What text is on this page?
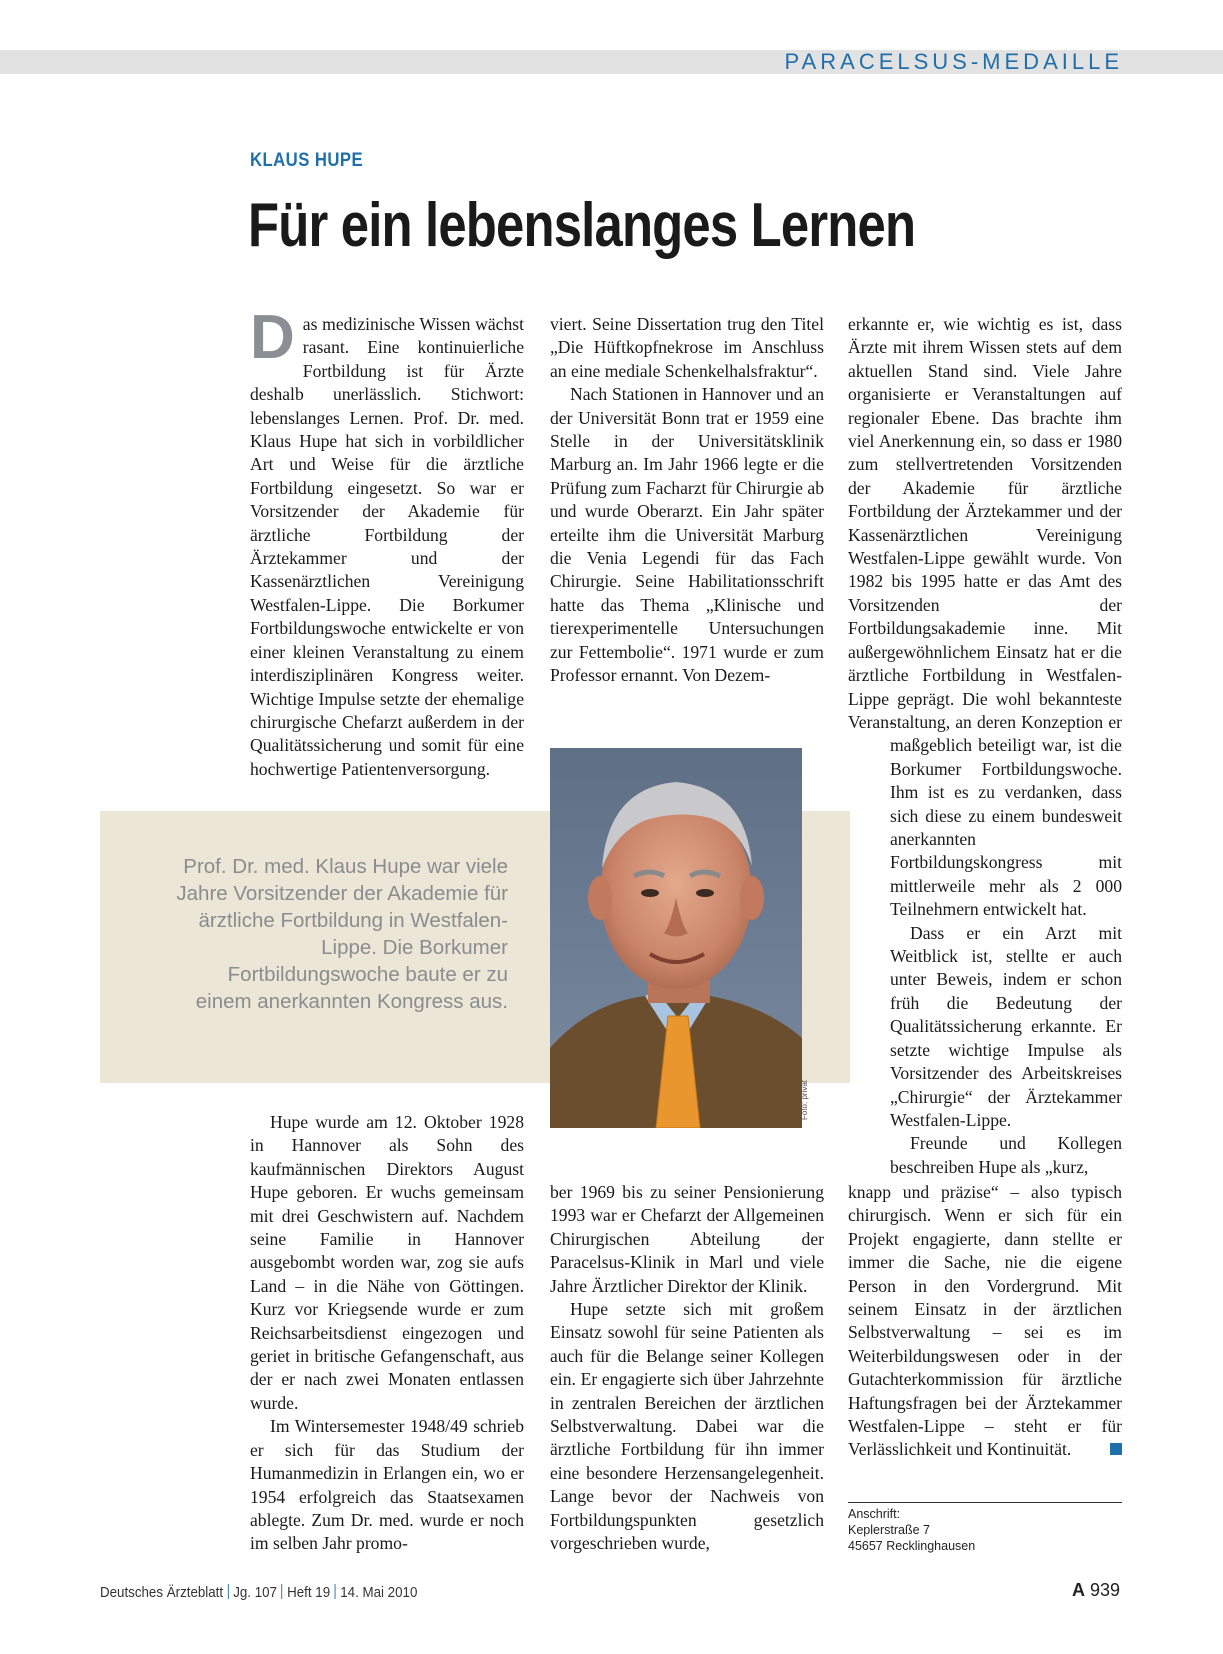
PARACELSUS-MEDAILLE
KLAUS HUPE
Für ein lebenslanges Lernen

D as medizinische Wissen wächst rasant. Eine kontinuierliche Fortbildung ist für Ärzte deshalb unerlässlich. Stichwort: lebenslanges Lernen. Prof. Dr. med. Klaus Hupe hat sich in vorbildlicher Art und Weise für die ärztliche Fortbildung eingesetzt. So war er Vorsitzender der Akademie für ärztliche Fortbildung der Ärztekammer und der Kassenärztlichen Vereinigung Westfalen-Lippe. Die Borkumer Fortbildungswoche entwickelte er von einer kleinen Veranstaltung zu einem interdisziplinären Kongress weiter. Wichtige Impulse setzte der ehemalige chirurgische Chefarzt außerdem in der Qualitätssicherung und somit für eine hochwertige Patientenversorgung.

Hupe wurde am 12. Oktober 1928 in Hannover als Sohn des kaufmännischen Direktors August Hupe geboren. Er wuchs gemeinsam mit drei Geschwistern auf. Nachdem seine Familie in Hannover ausgebombt worden war, zog sie aufs Land – in die Nähe von Göttingen. Kurz vor Kriegsende wurde er zum Reichsarbeitsdienst eingezogen und geriet in britische Gefangenschaft, aus der er nach zwei Monaten entlassen wurde.

Im Wintersemester 1948/49 schrieb er sich für das Studium der Humanmedizin in Erlangen ein, wo er 1954 erfolgreich das Staatsexamen ablegte. Zum Dr. med. wurde er noch im selben Jahr promo-

Prof. Dr. med. Klaus Hupe war viele Jahre Vorsitzender der Akademie für ärztliche Fortbildung in Westfalen-Lippe. Die Borkumer Fortbildungswoche baute er zu einem anerkannten Kongress aus.

Foto: privat

viert. Seine Dissertation trug den Titel „Die Hüftkopfnekrose im Anschluss an eine mediale Schenkelhalsfraktur“.

Nach Stationen in Hannover und an der Universität Bonn trat er 1959 eine Stelle in der Universitätsklinik Marburg an. Im Jahr 1966 legte er die Prüfung zum Facharzt für Chirurgie ab und wurde Oberarzt. Ein Jahr später erteilte ihm die Universität Marburg die Venia Legendi für das Fach Chirurgie. Seine Habilitationsschrift hatte das Thema „Klinische und tierexperimentelle Untersuchungen zur Fettembolie“. 1971 wurde er zum Professor ernannt. Von Dezem-

ber 1969 bis zu seiner Pensionierung 1993 war er Chefarzt der Allgemeinen Chirurgischen Abteilung der Paracelsus-Klinik in Marl und viele Jahre Ärztlicher Direktor der Klinik.

Hupe setzte sich mit großem Einsatz sowohl für seine Patienten als auch für die Belange seiner Kollegen ein. Er engagierte sich über Jahrzehnte in zentralen Bereichen der ärztlichen Selbstverwaltung. Dabei war die ärztliche Fortbildung für ihn immer eine besondere Herzensangelegenheit. Lange bevor der Nachweis von Fortbildungspunkten gesetzlich vorgeschrieben wurde,

erkannte er, wie wichtig es ist, dass Ärzte mit ihrem Wissen stets auf dem aktuellen Stand sind. Viele Jahre organisierte er Veranstaltungen auf regionaler Ebene. Das brachte ihm viel Anerkennung ein, so dass er 1980 zum stellvertretenden Vorsitzenden der Akademie für ärztliche Fortbildung der Ärztekammer und der Kassenärztlichen Vereinigung Westfalen-Lippe gewählt wurde. Von 1982 bis 1995 hatte er das Amt des Vorsitzenden der Fortbildungsakademie inne. Mit außergewöhnlichem Einsatz hat er die ärztliche Fortbildung in Westfalen-Lippe geprägt. Die wohl bekannteste Veran-

staltung, an deren Konzeption er maßgeblich beteiligt war, ist die Borkumer Fortbildungswoche. Ihm ist es zu verdanken, dass sich diese zu einem bundesweit anerkannten Fortbildungskongress mit mittlerweile mehr als 2 000 Teilnehmern entwickelt hat.

Dass er ein Arzt mit Weitblick ist, stellte er auch unter Beweis, indem er schon früh die Bedeutung der Qualitätssicherung erkannte. Er setzte wichtige Impulse als Vorsitzender des Arbeitskreises „Chirurgie“ der Ärztekammer Westfalen-Lippe.

Freunde und Kollegen beschreiben Hupe als „kurz,

knapp und präzise“ – also typisch chirurgisch. Wenn er sich für ein Projekt engagierte, dann stellte er immer die Sache, nie die eigene Person in den Vordergrund. Mit seinem Einsatz in der ärztlichen Selbstverwaltung – sei es im Weiterbildungswesen oder in der Gutachterkommission für ärztliche Haftungsfragen bei der Ärztekammer Westfalen-Lippe – steht er für Verlässlichkeit und Kontinuität.

Anschrift:
Keplerstraße 7
45657 Recklinghausen
Deutsches Ärzteblatt Jg. 107 Heft 19 14. Mai 2010	A 939
